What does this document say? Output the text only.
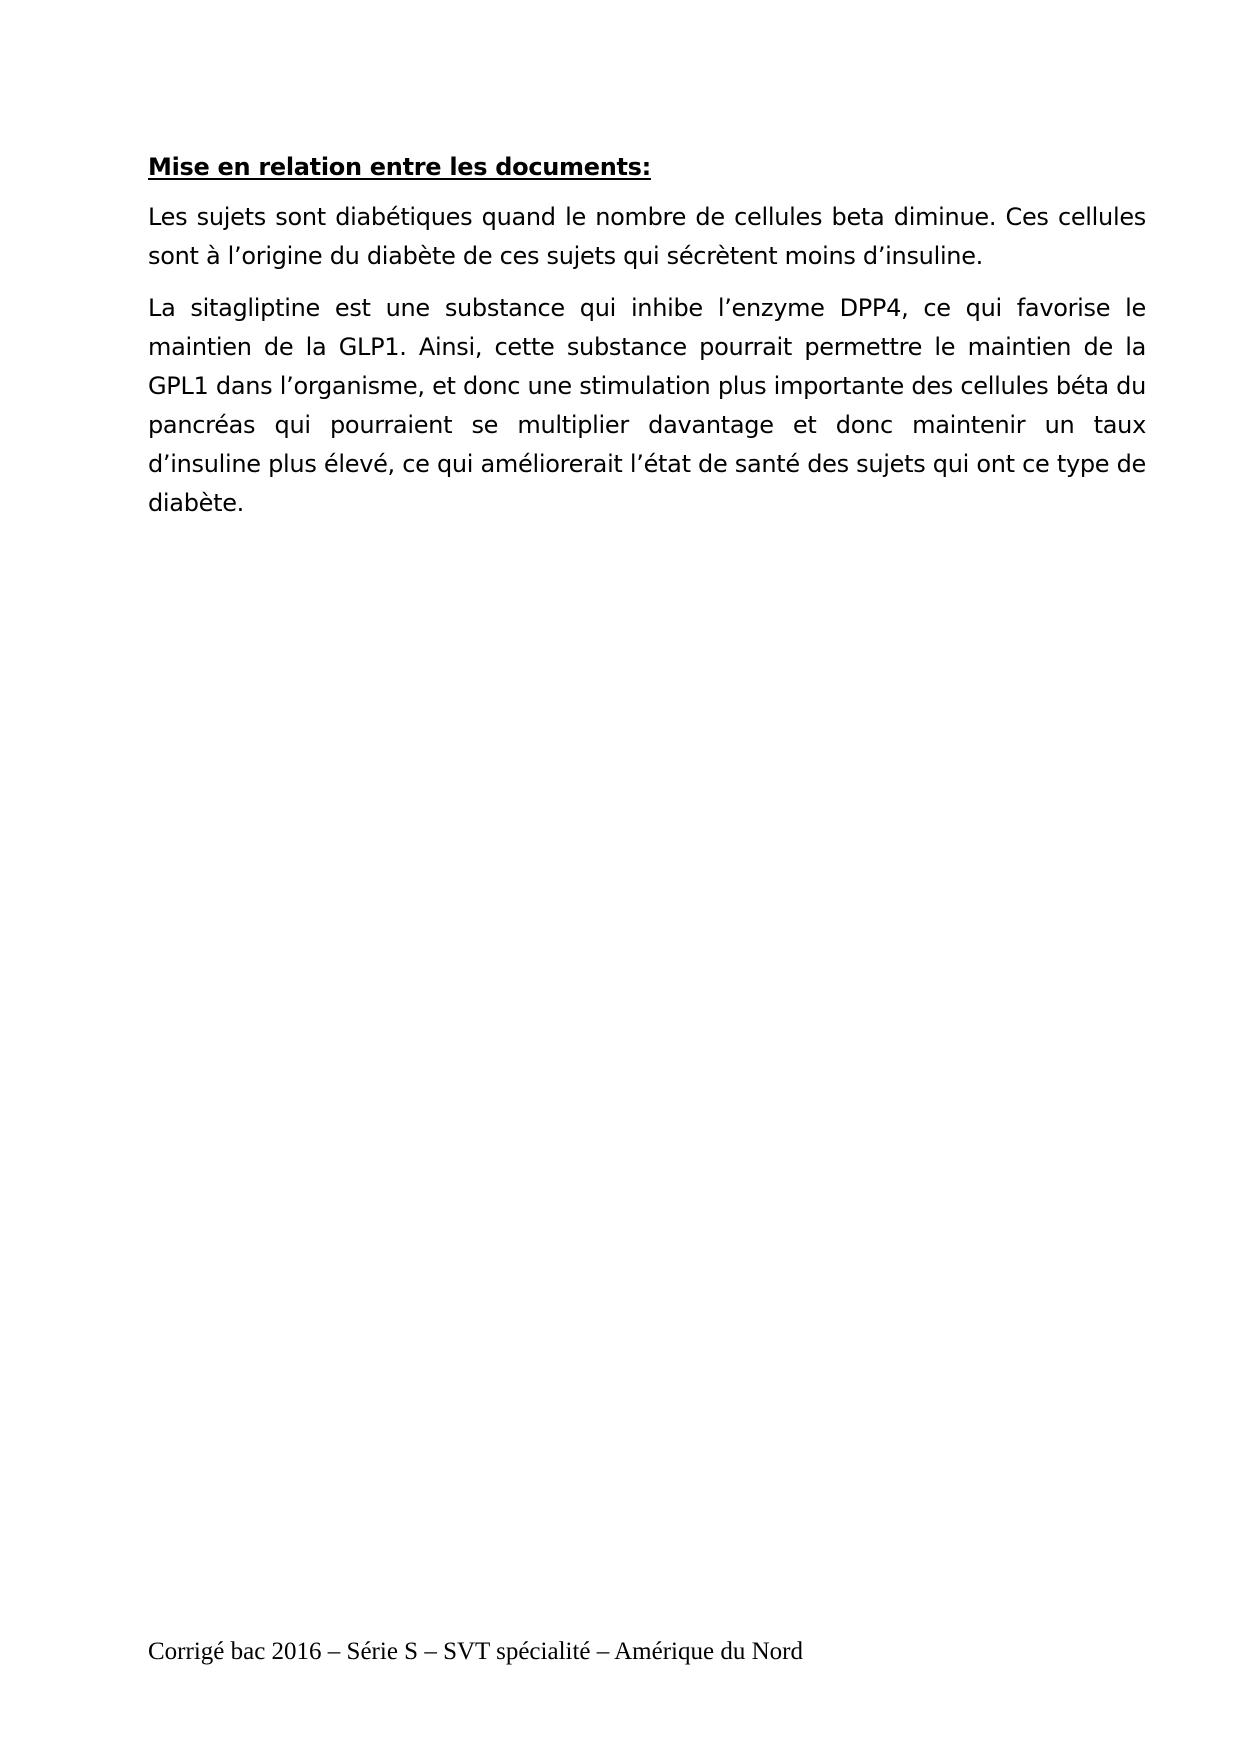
Mise en relation entre les documents:

Les sujets sont diabétiques quand le nombre de cellules beta diminue. Ces cellules sont à l’origine du diabète de ces sujets qui sécrètent moins d’insuline.

La sitagliptine est une substance qui inhibe l’enzyme DPP4, ce qui favorise le maintien de la GLP1. Ainsi, cette substance pourrait permettre le maintien de la GPL1 dans l’organisme, et donc une stimulation plus importante des cellules béta du pancréas qui pourraient se multiplier davantage et donc maintenir un taux d’insuline plus élevé, ce qui améliorerait l’état de santé des sujets qui ont ce type de diabète.

Corrigé bac 2016 – Série S – SVT spécialité – Amérique du Nord
